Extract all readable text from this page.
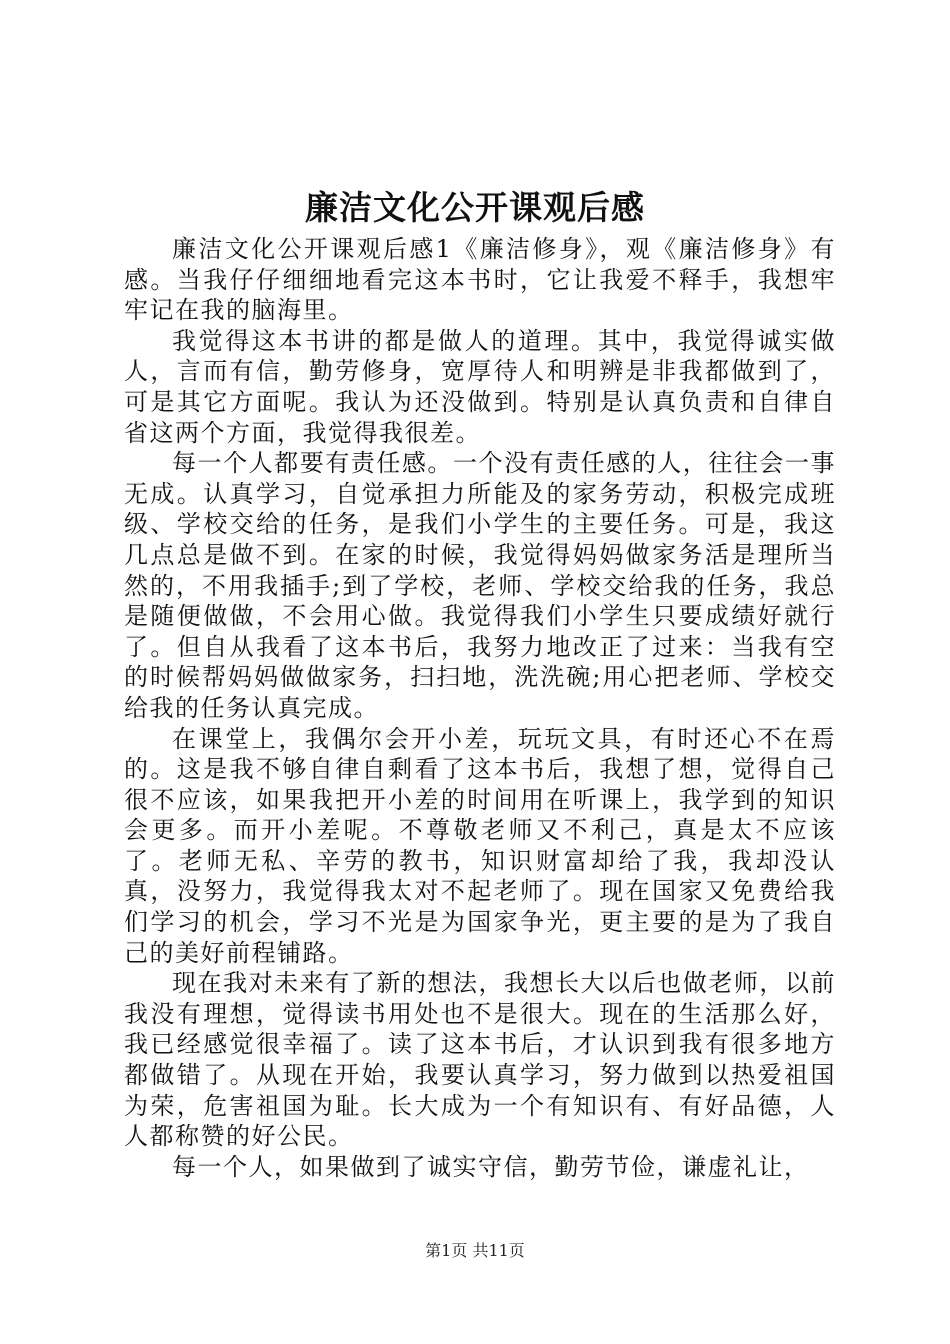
廉洁文化公开课观后感

廉洁文化公开课观后感1《廉洁修身》，观《廉洁修身》有感。当我仔仔细细地看完这本书时，它让我爱不释手，我想牢牢记在我的脑海里。

我觉得这本书讲的都是做人的道理。其中，我觉得诚实做人，言而有信，勤劳修身，宽厚待人和明辨是非我都做到了，可是其它方面呢。我认为还没做到。特别是认真负责和自律自省这两个方面，我觉得我很差。

每一个人都要有责任感。一个没有责任感的人，往往会一事无成。认真学习，自觉承担力所能及的家务劳动，积极完成班级、学校交给的任务，是我们小学生的主要任务。可是，我这几点总是做不到。在家的时候，我觉得妈妈做家务活是理所当然的，不用我插手;到了学校，老师、学校交给我的任务，我总是随便做做，不会用心做。我觉得我们小学生只要成绩好就行了。但自从我看了这本书后，我努力地改正了过来：当我有空的时候帮妈妈做做家务，扫扫地，洗洗碗;用心把老师、学校交给我的任务认真完成。

在课堂上，我偶尔会开小差，玩玩文具，有时还心不在焉的。这是我不够自律自剩看了这本书后，我想了想，觉得自己很不应该，如果我把开小差的时间用在听课上，我学到的知识会更多。而开小差呢。不尊敬老师又不利己，真是太不应该了。老师无私、辛劳的教书，知识财富却给了我，我却没认真，没努力，我觉得我太对不起老师了。现在国家又免费给我们学习的机会，学习不光是为国家争光，更主要的是为了我自己的美好前程铺路。

现在我对未来有了新的想法，我想长大以后也做老师，以前我没有理想，觉得读书用处也不是很大。现在的生活那么好，我已经感觉很幸福了。读了这本书后，才认识到我有很多地方都做错了。从现在开始，我要认真学习，努力做到以热爱祖国为荣，危害祖国为耻。长大成为一个有知识有、有好品德，人人都称赞的好公民。

每一个人，如果做到了诚实守信，勤劳节俭，谦虚礼让，

第1页 共11页
